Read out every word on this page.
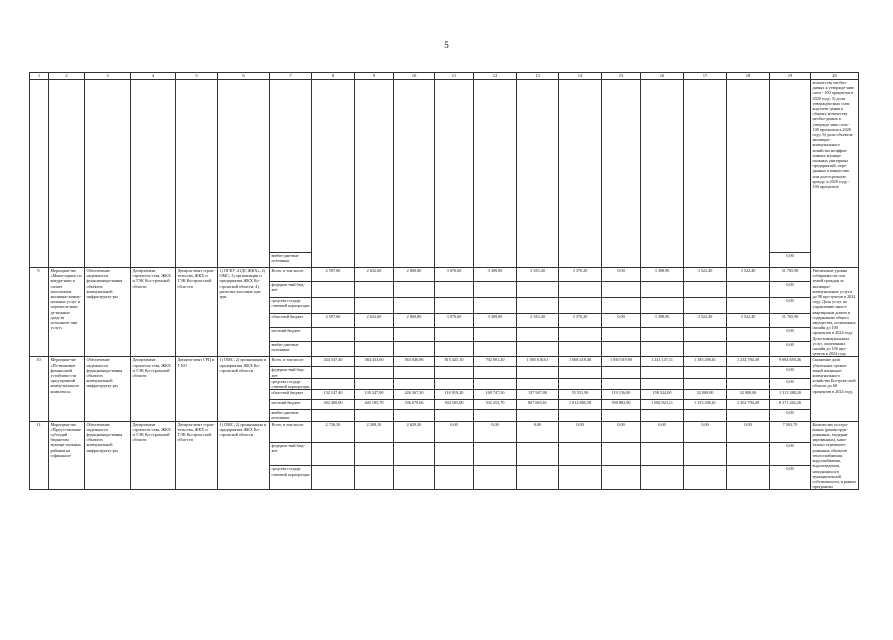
5
1	2	3	4	5	6	7	8	9	10	11	12	13	14	15	16	17	18	19	20
																			количеству необхо-димых к утвержде-нию схем - 100 процентов в 2020 году; 5) доли утверждён-ных схем водоотве-дения к общему количеству необхо-димых к утвержде-нию схем - 100 процентов в 2020 году; 6) доли объектов жилищно-коммунального хозяйства неэффек-тивных муници-пальных унитарных предприятий, пере-данных в концессию или долгосрочную аренду, в 2020 году, - 100 процентов
						внебю-джетные источники												0,00	
9.	Мероприя-тие «Мони-торинг по внедре-нию и оплате населением жилищно-комму-нальных услуг и перечисле-нию де-нежных средств исполните-лям услуг»	Обеспечение надежности функциониро-вания объектов коммунальной инфраструкту-ры	Департамент строитель-ства, ЖКХ и ТЭК Кос-тромской области	Департа-мент строи-тельства, ЖКХ и ТЭК Костром-ской обла-сти	1) ОГКУ «ОДС ЖКХ»; 2) ОМС; 3) организации и предприятия ЖКХ Ко-стромской области; 4) расчетно-кассовые цен-тры	Всего, в том числе:	2 597,60	2 632,60	2 800,80	3 076,60	3 309,00	3 335,40	3 370,20	0,00	3 398,90	3 522,40	3 522,40	31 765,90	Увеличение уровня собираемости пла-тежей граждан за жилищно-коммунальные услуги до 98 про-центов в 2024 году. Доля услуг по управлению много-квартирным домом и содержанию общего имущества, оплаченных онлайн до 100 процентов в 2024 году. Доли коммунальных услуг, оплаченных онлайн до 100 про-центов в 2024 году.
						федераль-ный бюд-жет												0,00	
						средства государ-ственной корпора-ции												0,00	
						областной бюджет	2 597,60	2 632,60	2 800,80	3 076,60	3 309,00	3 335,40	3 370,20	0,00	3 398,90	3 522,40	3 522,40	31 765,90	
						местный бюджет												0,00	
						внебю-джетные источники												0,00	
10.	Мероприя-тие «По-вышение финансовой устойчиво-сти пред-приятий комму-нального комплекса»	Обеспечение надежности функциониро-вания объектов коммунальной инфраструкту-ры	Департамент строитель-ства, ЖКХ и ТЭК Ко-стромской области	Департа-мент ГРЦ и Т КО	1) ОМС; 2) организации и предприятия ЖКХ Ко-стромской области	Всего, в том числе:	434 547,40	384 433,60	563 046,96	815 425,10	702 001,20	1 005 610,61	1 068 418,48	1 050 019,90	1 241 147,11	1 185 206,61	1 234 794,49	9 684 650,46	Снижение доли убыточных органи-заций жилищно-коммунального хозяйства Костром-ской области до 68 процентов в 2024 году.
						федераль-ный бюд-жет												0,00	
						средства государ-ственной корпора-ции												0,00	
						областной бюджет	132 147,40	139 247,90	226 367,30	110 919,20	169 747,50	137 947,00	55 551,90	119 136,00	158 324,00	32 000,00	32 000,00	1 313 388,20	
						местный бюджет	302 400,00	445 185,70	336 679,66	504 505,90	532 253,70	867 663,61	1 012 866,58	930 882,90	1 082 823,11	1 153 206,61	1 202 794,49	8 371 262,26	
						внебю-джетные источники												0,00	
11.	Мероприя-тие «Пред-ставление субсидий бюджетам муници-пальных районов на софинанси-	Обеспечение надежности функциониро-вания объектов коммунальной инфраструкту-ры	Департамент строитель-ства, ЖКХ и ТЭК Ко-стромской области	Департа-мент строи-тельства, ЖКХ и ТЭК Костром-ской обла-сти	1) ОМС; 2) организации и предприятия ЖКХ Ко-стромской области	Всего, в том числе:	2 726,30	2 208,10	2 629,30	0,00	0,00	0,00	0,00	0,00	0,00	0,00	0,00	7 563,70	Количество постро-енных (реконструи-рованных, модерни-зированных), капи-тально отремонти-рованных объектов теплоснабжения, водоснабжения, водоотведения, находящихся в муниципальной собственности, в рамках программы
						федераль-ный бюд-жет												0,00	
						средства государ-ственной корпора-ции												0,00	
